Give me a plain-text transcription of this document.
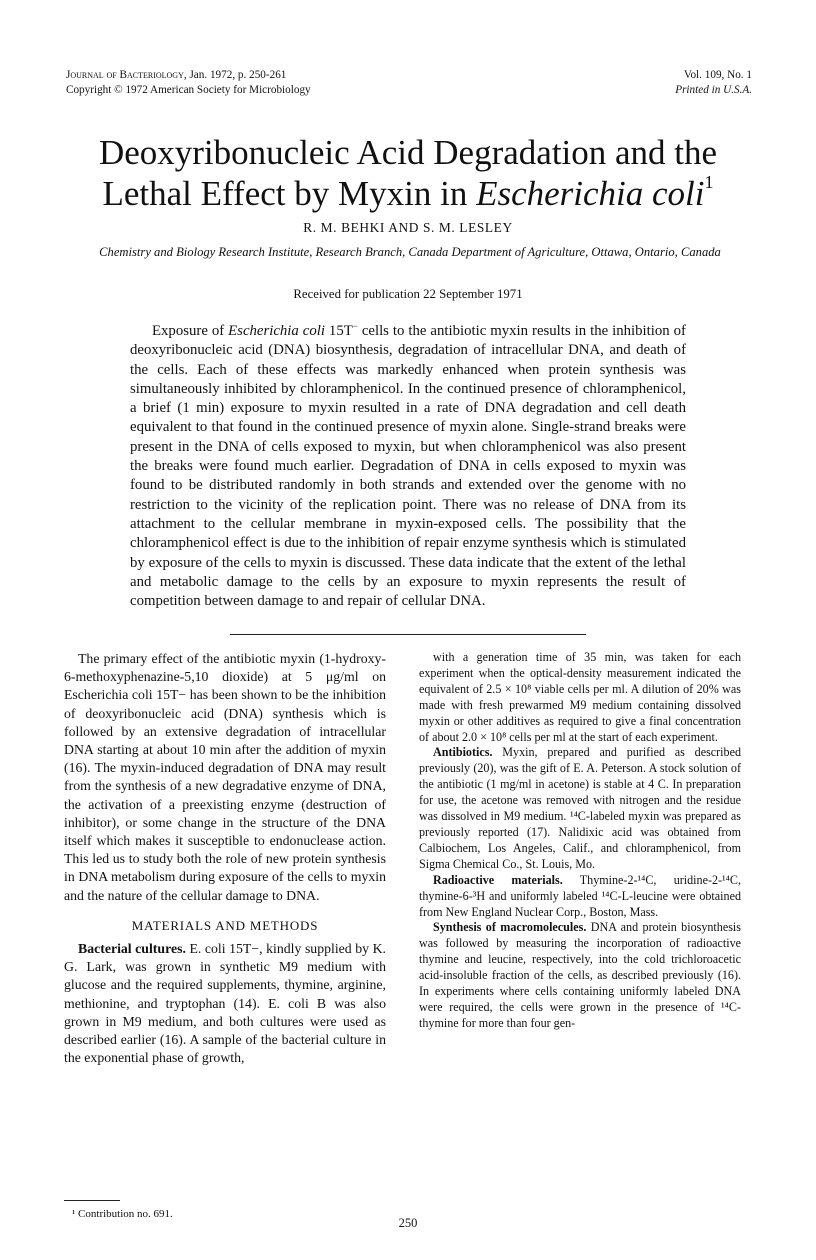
Journal of Bacteriology, Jan. 1972, p. 250-261
Copyright © 1972 American Society for Microbiology
Vol. 109, No. 1
Printed in U.S.A.
Deoxyribonucleic Acid Degradation and the
Lethal Effect by Myxin in Escherichia coli$^1$
R. M. BEHKI AND S. M. LESLEY
Chemistry and Biology Research Institute, Research Branch, Canada Department of Agriculture, Ottawa, Ontario, Canada
Received for publication 22 September 1971
Exposure of Escherichia coli 15T− cells to the antibiotic myxin results in the inhibition of deoxyribonucleic acid (DNA) biosynthesis, degradation of intracellular DNA, and death of the cells. Each of these effects was markedly enhanced when protein synthesis was simultaneously inhibited by chloramphenicol. In the continued presence of chloramphenicol, a brief (1 min) exposure to myxin resulted in a rate of DNA degradation and cell death equivalent to that found in the continued presence of myxin alone. Single-strand breaks were present in the DNA of cells exposed to myxin, but when chloramphenicol was also present the breaks were found much earlier. Degradation of DNA in cells exposed to myxin was found to be distributed randomly in both strands and extended over the genome with no restriction to the vicinity of the replication point. There was no release of DNA from its attachment to the cellular membrane in myxin-exposed cells. The possibility that the chloramphenicol effect is due to the inhibition of repair enzyme synthesis which is stimulated by exposure of the cells to myxin is discussed. These data indicate that the extent of the lethal and metabolic damage to the cells by an exposure to myxin represents the result of competition between damage to and repair of cellular DNA.

The primary effect of the antibiotic myxin (1-hydroxy-6-methoxyphenazine-5,10 dioxide) at 5 μg/ml on Escherichia coli 15T− has been shown to be the inhibition of deoxyribonucleic acid (DNA) synthesis which is followed by an extensive degradation of intracellular DNA starting at about 10 min after the addition of myxin (16). The myxin-induced degradation of DNA may result from the synthesis of a new degradative enzyme of DNA, the activation of a preexisting enzyme (destruction of inhibitor), or some change in the structure of the DNA itself which makes it susceptible to endonuclease action. This led us to study both the role of new protein synthesis in DNA metabolism during exposure of the cells to myxin and the nature of the cellular damage to DNA.

MATERIALS AND METHODS

Bacterial cultures. E. coli 15T−, kindly supplied by K. G. Lark, was grown in synthetic M9 medium with glucose and the required supplements, thymine, arginine, methionine, and tryptophan (14). E. coli B was also grown in M9 medium, and both cultures were used as described earlier (16). A sample of the bacterial culture in the exponential phase of growth,

with a generation time of 35 min, was taken for each experiment when the optical-density measurement indicated the equivalent of 2.5 × 10⁸ viable cells per ml. A dilution of 20% was made with fresh prewarmed M9 medium containing dissolved myxin or other additives as required to give a final concentration of about 2.0 × 10⁸ cells per ml at the start of each experiment.

Antibiotics. Myxin, prepared and purified as described previously (20), was the gift of E. A. Peterson. A stock solution of the antibiotic (1 mg/ml in acetone) is stable at 4 C. In preparation for use, the acetone was removed with nitrogen and the residue was dissolved in M9 medium. ¹⁴C-labeled myxin was prepared as previously reported (17). Nalidixic acid was obtained from Calbiochem, Los Angeles, Calif., and chloramphenicol, from Sigma Chemical Co., St. Louis, Mo.

Radioactive materials. Thymine-2-¹⁴C, uridine-2-¹⁴C, thymine-6-³H and uniformly labeled ¹⁴C-L-leucine were obtained from New England Nuclear Corp., Boston, Mass.

Synthesis of macromolecules. DNA and protein biosynthesis was followed by measuring the incorporation of radioactive thymine and leucine, respectively, into the cold trichloroacetic acid-insoluble fraction of the cells, as described previously (16). In experiments where cells containing uniformly labeled DNA were required, the cells were grown in the presence of ¹⁴C-thymine for more than four gen-

¹ Contribution no. 691.
250
